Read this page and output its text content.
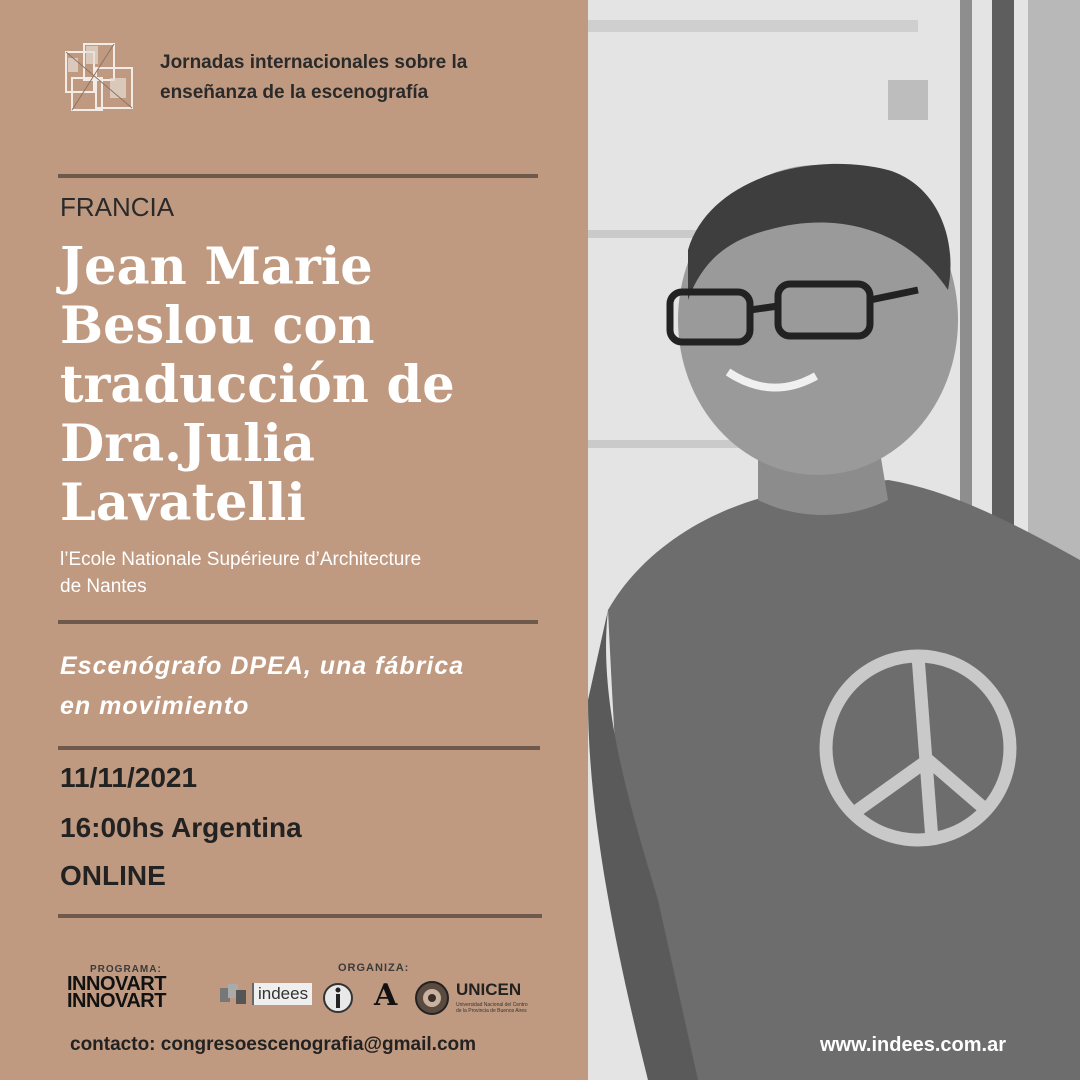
Jornadas internacionales sobre la
enseñanza de la escenografía
FRANCIA
Jean Marie
Beslou con
traducción de
Dra.Julia
Lavatelli
l’Ecole Nationale Supérieure d’Architecture
de Nantes
Escenógrafo DPEA, una fábrica
en movimiento
11/11/2021
16:00hs Argentina
ONLINE
PROGRAMA:
INNOVART
INNOVART
ORGANIZA:
indees A	UNICEN
Universidad Nacional del Centro de la Provincia de Buenos Aires
contacto: congresoescenografia@gmail.com	www.indees.com.ar
